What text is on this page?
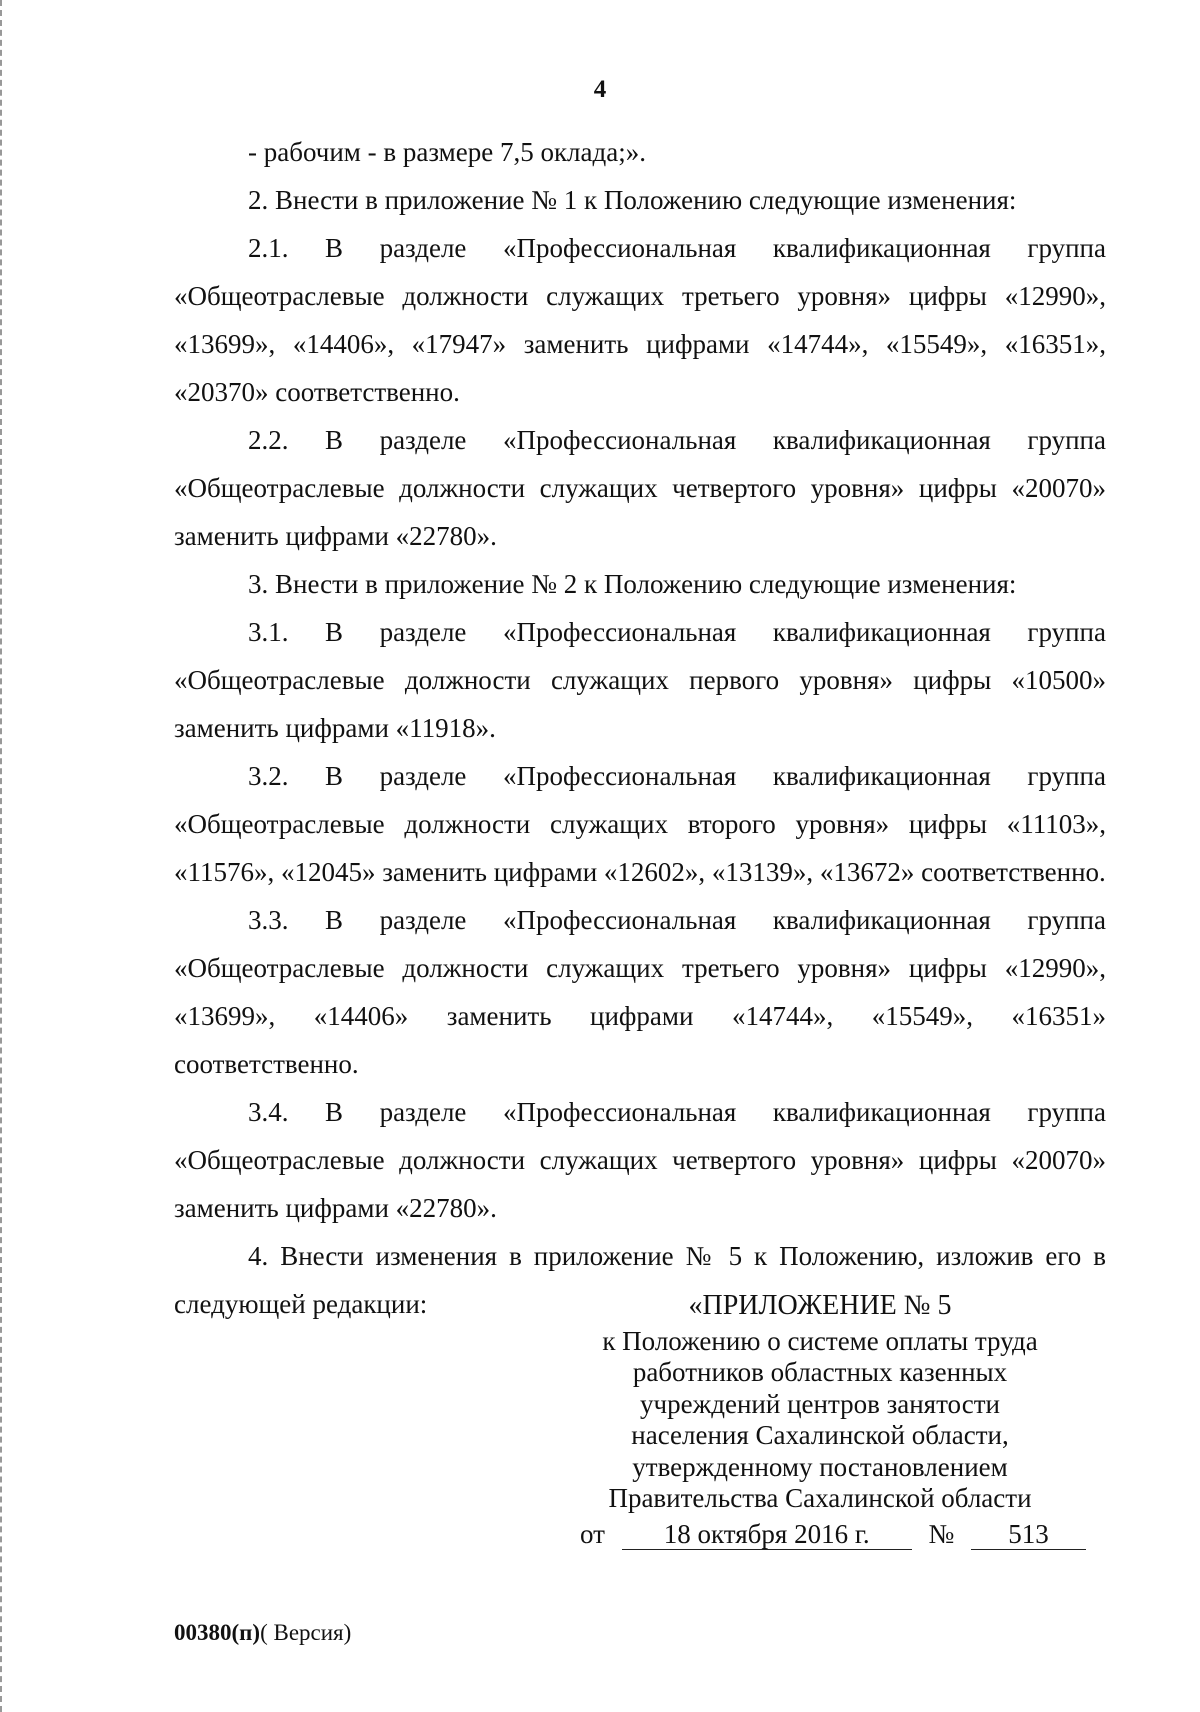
4
- рабочим - в размере 7,5 оклада;».
2. Внести в приложение № 1 к Положению следующие изменения:
2.1. В разделе «Профессиональная квалификационная группа «Общеотраслевые должности служащих третьего уровня» цифры «12990», «13699», «14406», «17947» заменить цифрами «14744», «15549», «16351», «20370» соответственно.
2.2. В разделе «Профессиональная квалификационная группа «Общеотраслевые должности служащих четвертого уровня» цифры «20070» заменить цифрами «22780».
3. Внести в приложение № 2 к Положению следующие изменения:
3.1. В разделе «Профессиональная квалификационная группа «Общеотраслевые должности служащих первого уровня» цифры «10500» заменить цифрами «11918».
3.2. В разделе «Профессиональная квалификационная группа «Общеотраслевые должности служащих второго уровня» цифры «11103», «11576», «12045» заменить цифрами «12602», «13139», «13672» соответственно.
3.3. В разделе «Профессиональная квалификационная группа «Общеотраслевые должности служащих третьего уровня» цифры «12990», «13699», «14406» заменить цифрами «14744», «15549», «16351» соответственно.
3.4. В разделе «Профессиональная квалификационная группа «Общеотраслевые должности служащих четвертого уровня» цифры «20070» заменить цифрами «22780».
4. Внести изменения в приложение № 5 к Положению, изложив его в следующей редакции:	«ПРИЛОЖЕНИЕ № 5
к Положению о системе оплаты труда
работников областных казенных
учреждений центров занятости
населения Сахалинской области,
утвержденному постановлением
Правительства Сахалинской области
от 18 октября 2016 г. № 513
00380(п)( Версия)
